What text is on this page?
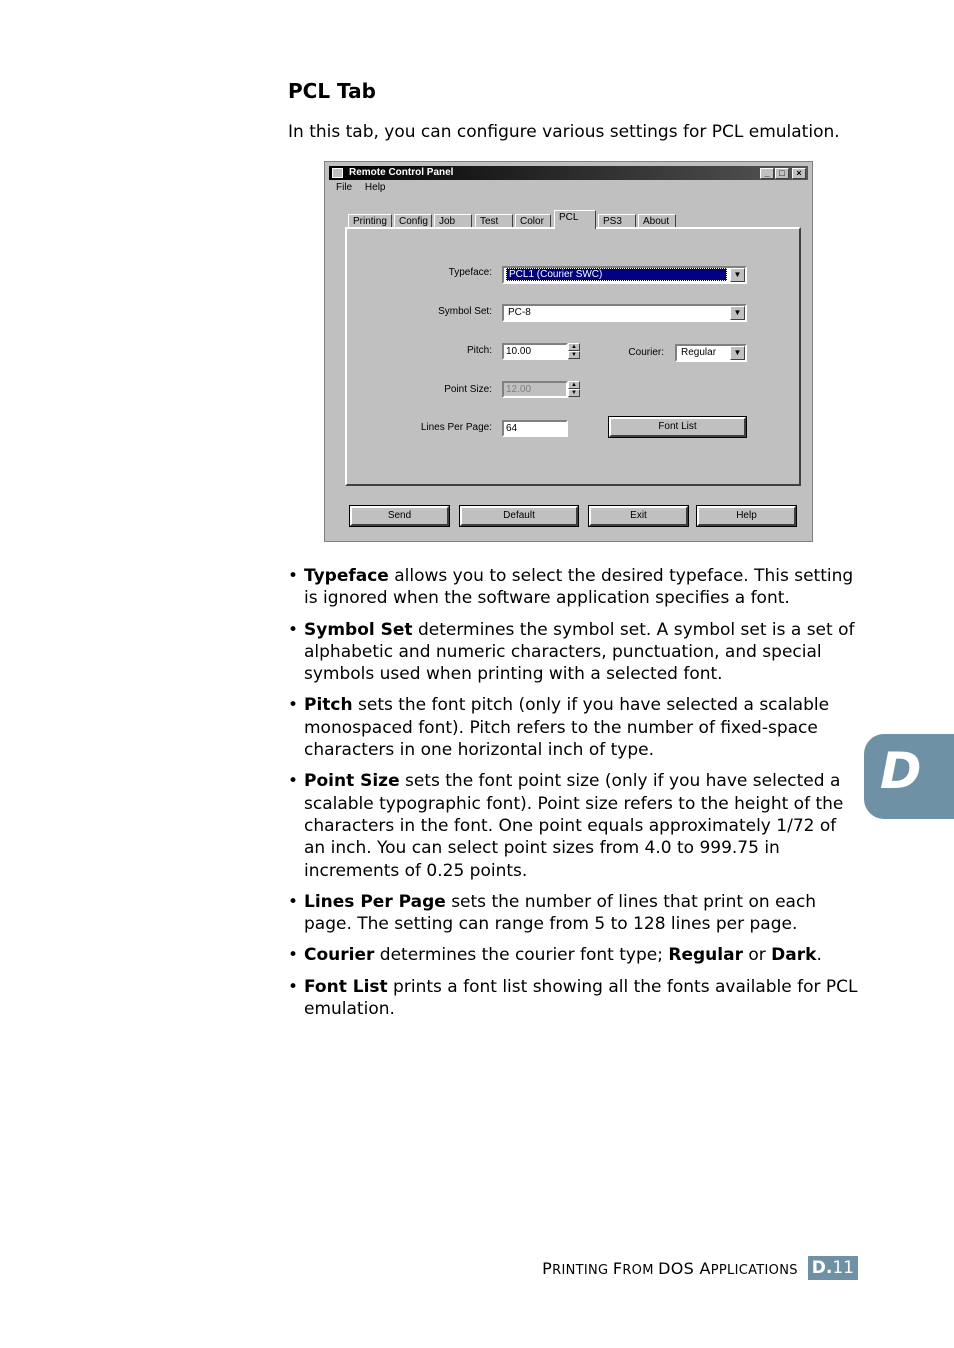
PCL Tab

In this tab, you can configure various settings for PCL emulation.

Remote Control Panel	_	□	×
File Help
Printing	Config	Job	Test	Color	PCL	PS3	About
Typeface:	PCL1 (Courier SWC)	▼
Symbol Set: PC-8	▼
Pitch:	10.00	▲
▼	Courier: Regular	▼
Point Size:	12.00	▲
▼
Lines Per Page:	64	Font List
Send	Default	Exit	Help
• Typeface allows you to select the desired typeface. This setting is ignored when the software application specifies a font.
• Symbol Set determines the symbol set. A symbol set is a set of alphabetic and numeric characters, punctuation, and special symbols used when printing with a selected font.
• Pitch sets the font pitch (only if you have selected a scalable monospaced font). Pitch refers to the number of fixed-space characters in one horizontal inch of type.
• Point Size sets the font point size (only if you have selected a scalable typographic font). Point size refers to the height of the characters in the font. One point equals approximately 1/72 of an inch. You can select point sizes from 4.0 to 999.75 in increments of 0.25 points.
• Lines Per Page sets the number of lines that print on each page. The setting can range from 5 to 128 lines per page.
• Courier determines the courier font type; Regular or Dark.
• Font List prints a font list showing all the fonts available for PCL emulation.
D
PRINTING FROM DOS APPLICATIONS D. 11
